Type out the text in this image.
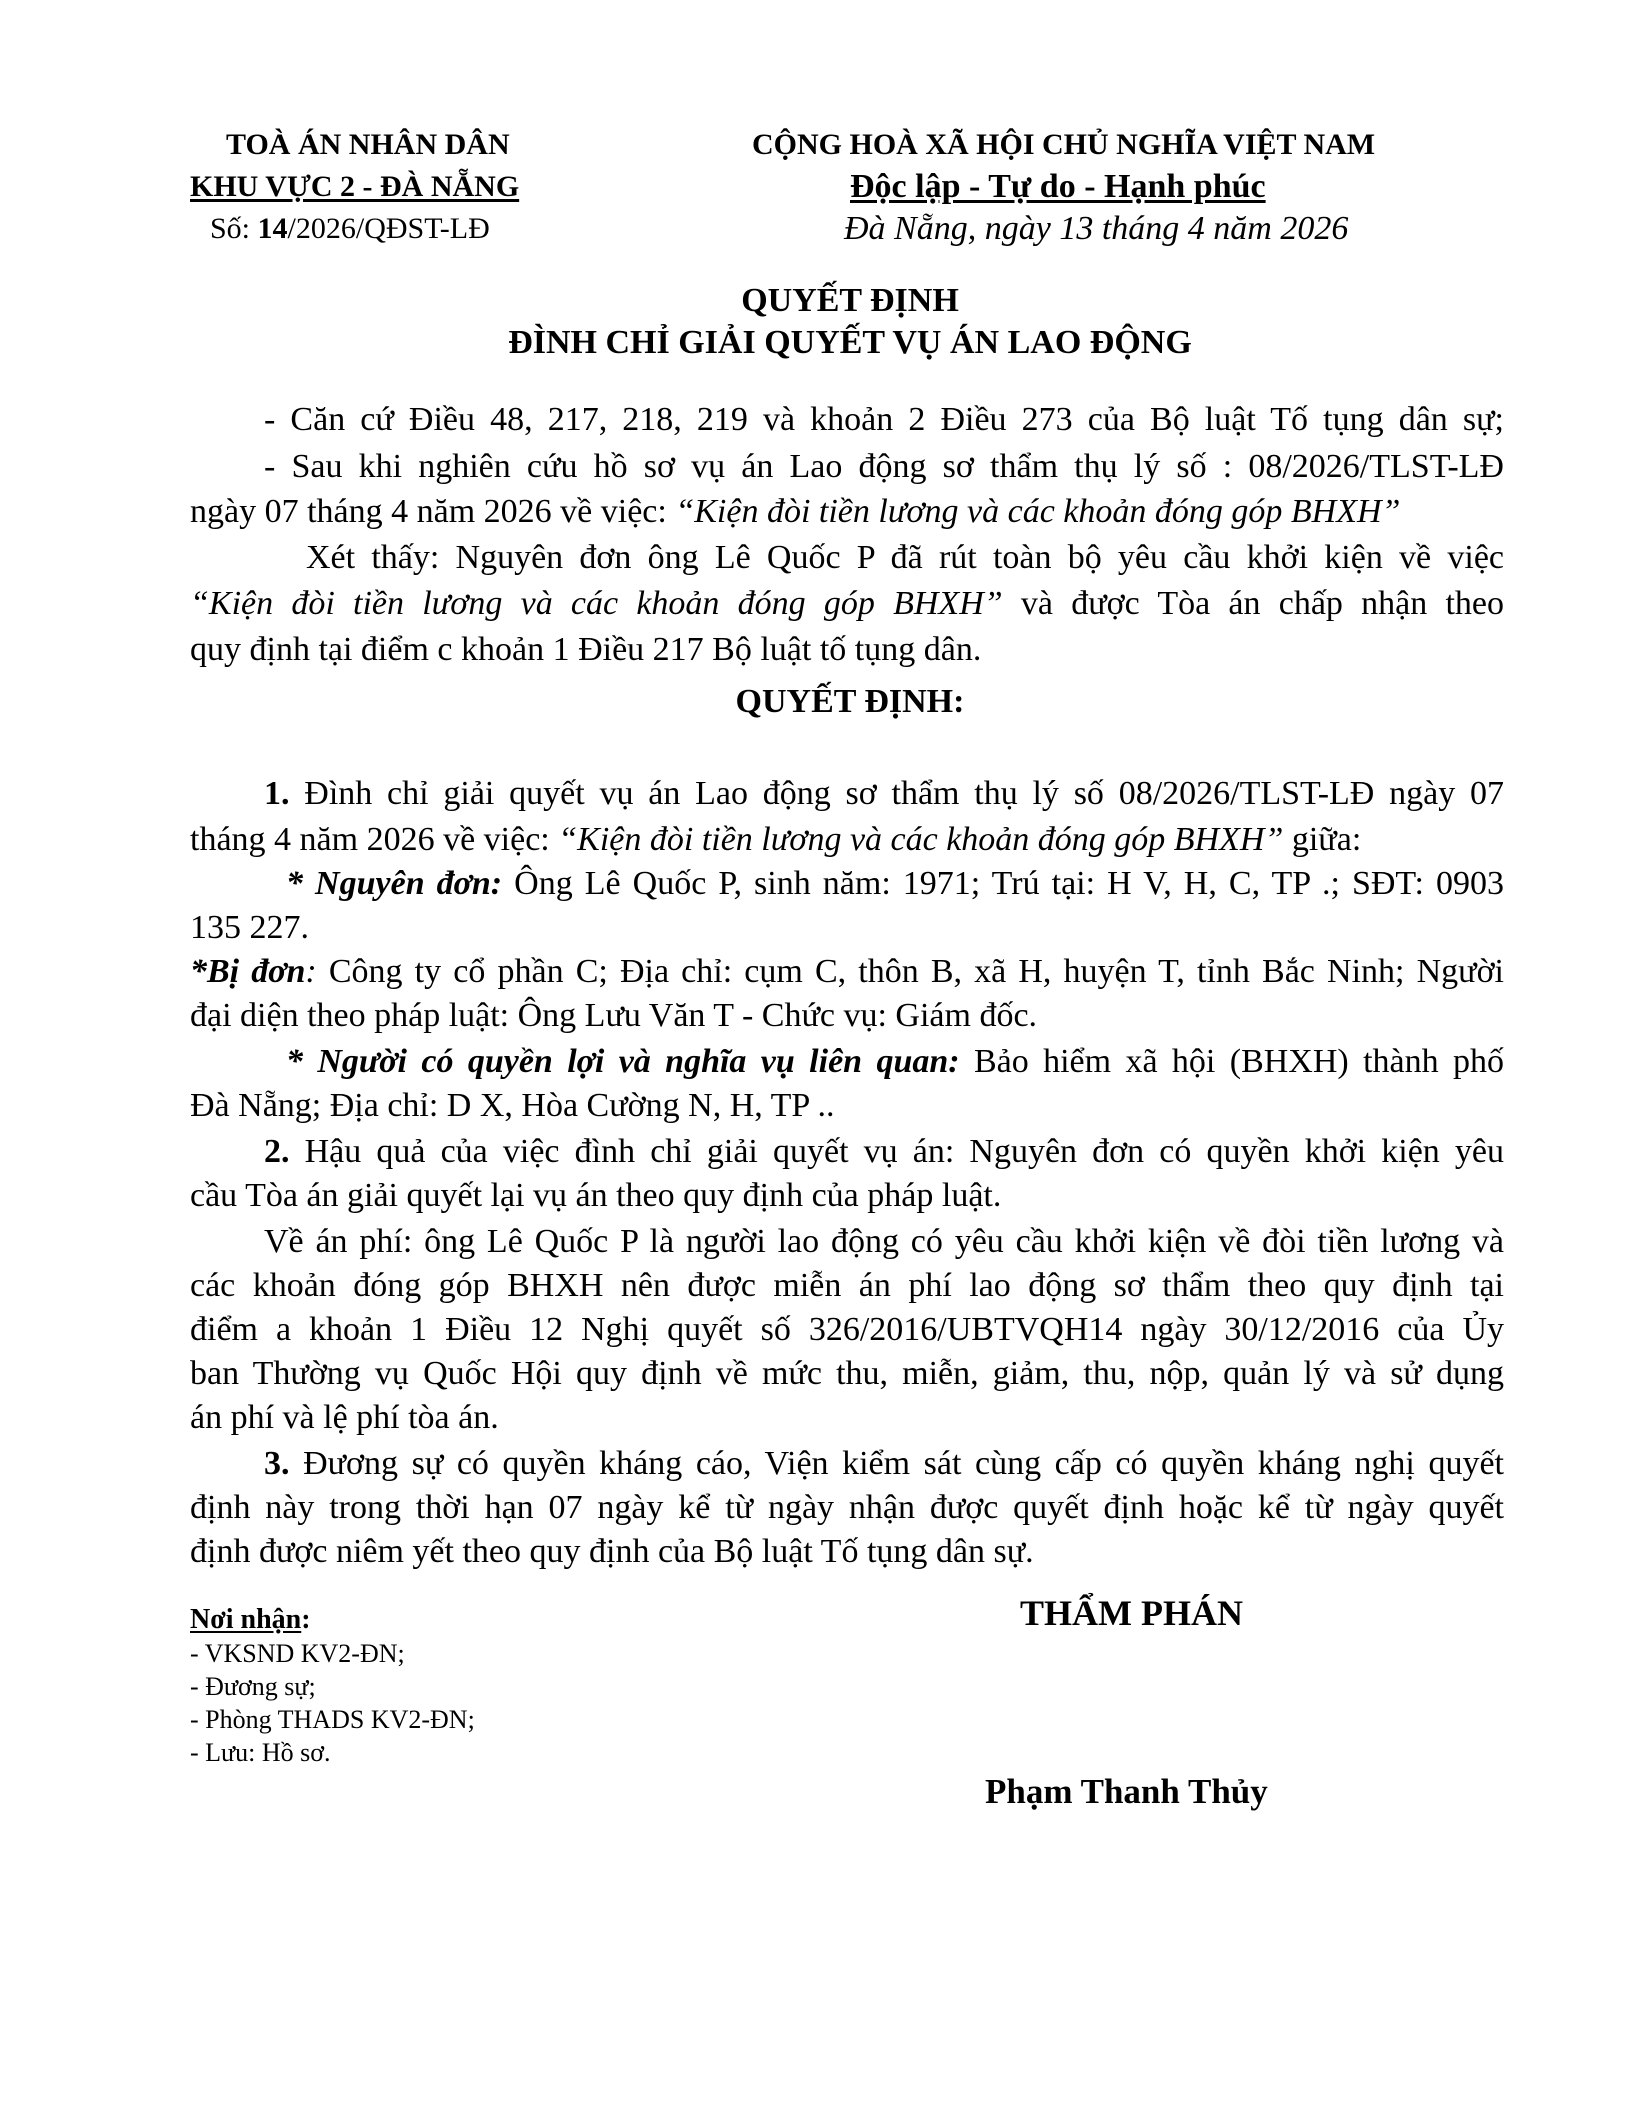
TOÀ ÁN NHÂN DÂN
KHU VỰC 2 - ĐÀ NẴNG
Số: 14/2026/QĐST-LĐ
CỘNG HOÀ XÃ HỘI CHỦ NGHĨA VIỆT NAM
Độc lập - Tự do - Hạnh phúc
Đà Nẵng, ngày 13 tháng 4 năm 2026
QUYẾT ĐỊNH
ĐÌNH CHỈ GIẢI QUYẾT VỤ ÁN LAO ĐỘNG
- Căn cứ Điều 48, 217, 218, 219 và khoản 2 Điều 273 của Bộ luật Tố tụng dân sự;
- Sau khi nghiên cứu hồ sơ vụ án Lao động sơ thẩm thụ lý số : 08/2026/TLST-LĐ
ngày 07 tháng 4 năm 2026 về việc: “Kiện đòi tiền lương và các khoản đóng góp BHXH”
Xét thấy: Nguyên đơn ông Lê Quốc P đã rút toàn bộ yêu cầu khởi kiện về việc
“Kiện đòi tiền lương và các khoản đóng góp BHXH” và được Tòa án chấp nhận theo
quy định tại điểm c khoản 1 Điều 217 Bộ luật tố tụng dân.
QUYẾT ĐỊNH:
1. Đình chỉ giải quyết vụ án Lao động sơ thẩm thụ lý số 08/2026/TLST-LĐ ngày 07
tháng 4 năm 2026 về việc: “Kiện đòi tiền lương và các khoản đóng góp BHXH” giữa:
* Nguyên đơn: Ông Lê Quốc P, sinh năm: 1971; Trú tại: H V, H, C, TP .; SĐT: 0903
135 227.
*Bị đơn: Công ty cổ phần C; Địa chỉ: cụm C, thôn B, xã H, huyện T, tỉnh Bắc Ninh; Người
đại diện theo pháp luật: Ông Lưu Văn T - Chức vụ: Giám đốc.
* Người có quyền lợi và nghĩa vụ liên quan: Bảo hiểm xã hội (BHXH) thành phố
Đà Nẵng; Địa chỉ: D X, Hòa Cường N, H, TP ..
2. Hậu quả của việc đình chỉ giải quyết vụ án: Nguyên đơn có quyền khởi kiện yêu
cầu Tòa án giải quyết lại vụ án theo quy định của pháp luật.
Về án phí: ông Lê Quốc P là người lao động có yêu cầu khởi kiện về đòi tiền lương và
các khoản đóng góp BHXH nên được miễn án phí lao động sơ thẩm theo quy định tại
điểm a khoản 1 Điều 12 Nghị quyết số 326/2016/UBTVQH14 ngày 30/12/2016 của Ủy
ban Thường vụ Quốc Hội quy định về mức thu, miễn, giảm, thu, nộp, quản lý và sử dụng
án phí và lệ phí tòa án.
3. Đương sự có quyền kháng cáo, Viện kiểm sát cùng cấp có quyền kháng nghị quyết
định này trong thời hạn 07 ngày kể từ ngày nhận được quyết định hoặc kể từ ngày quyết
định được niêm yết theo quy định của Bộ luật Tố tụng dân sự.
Nơi nhận:
- VKSND KV2-ĐN;
- Đương sự;
- Phòng THADS KV2-ĐN;
- Lưu: Hồ sơ.
THẨM PHÁN
Phạm Thanh Thủy
